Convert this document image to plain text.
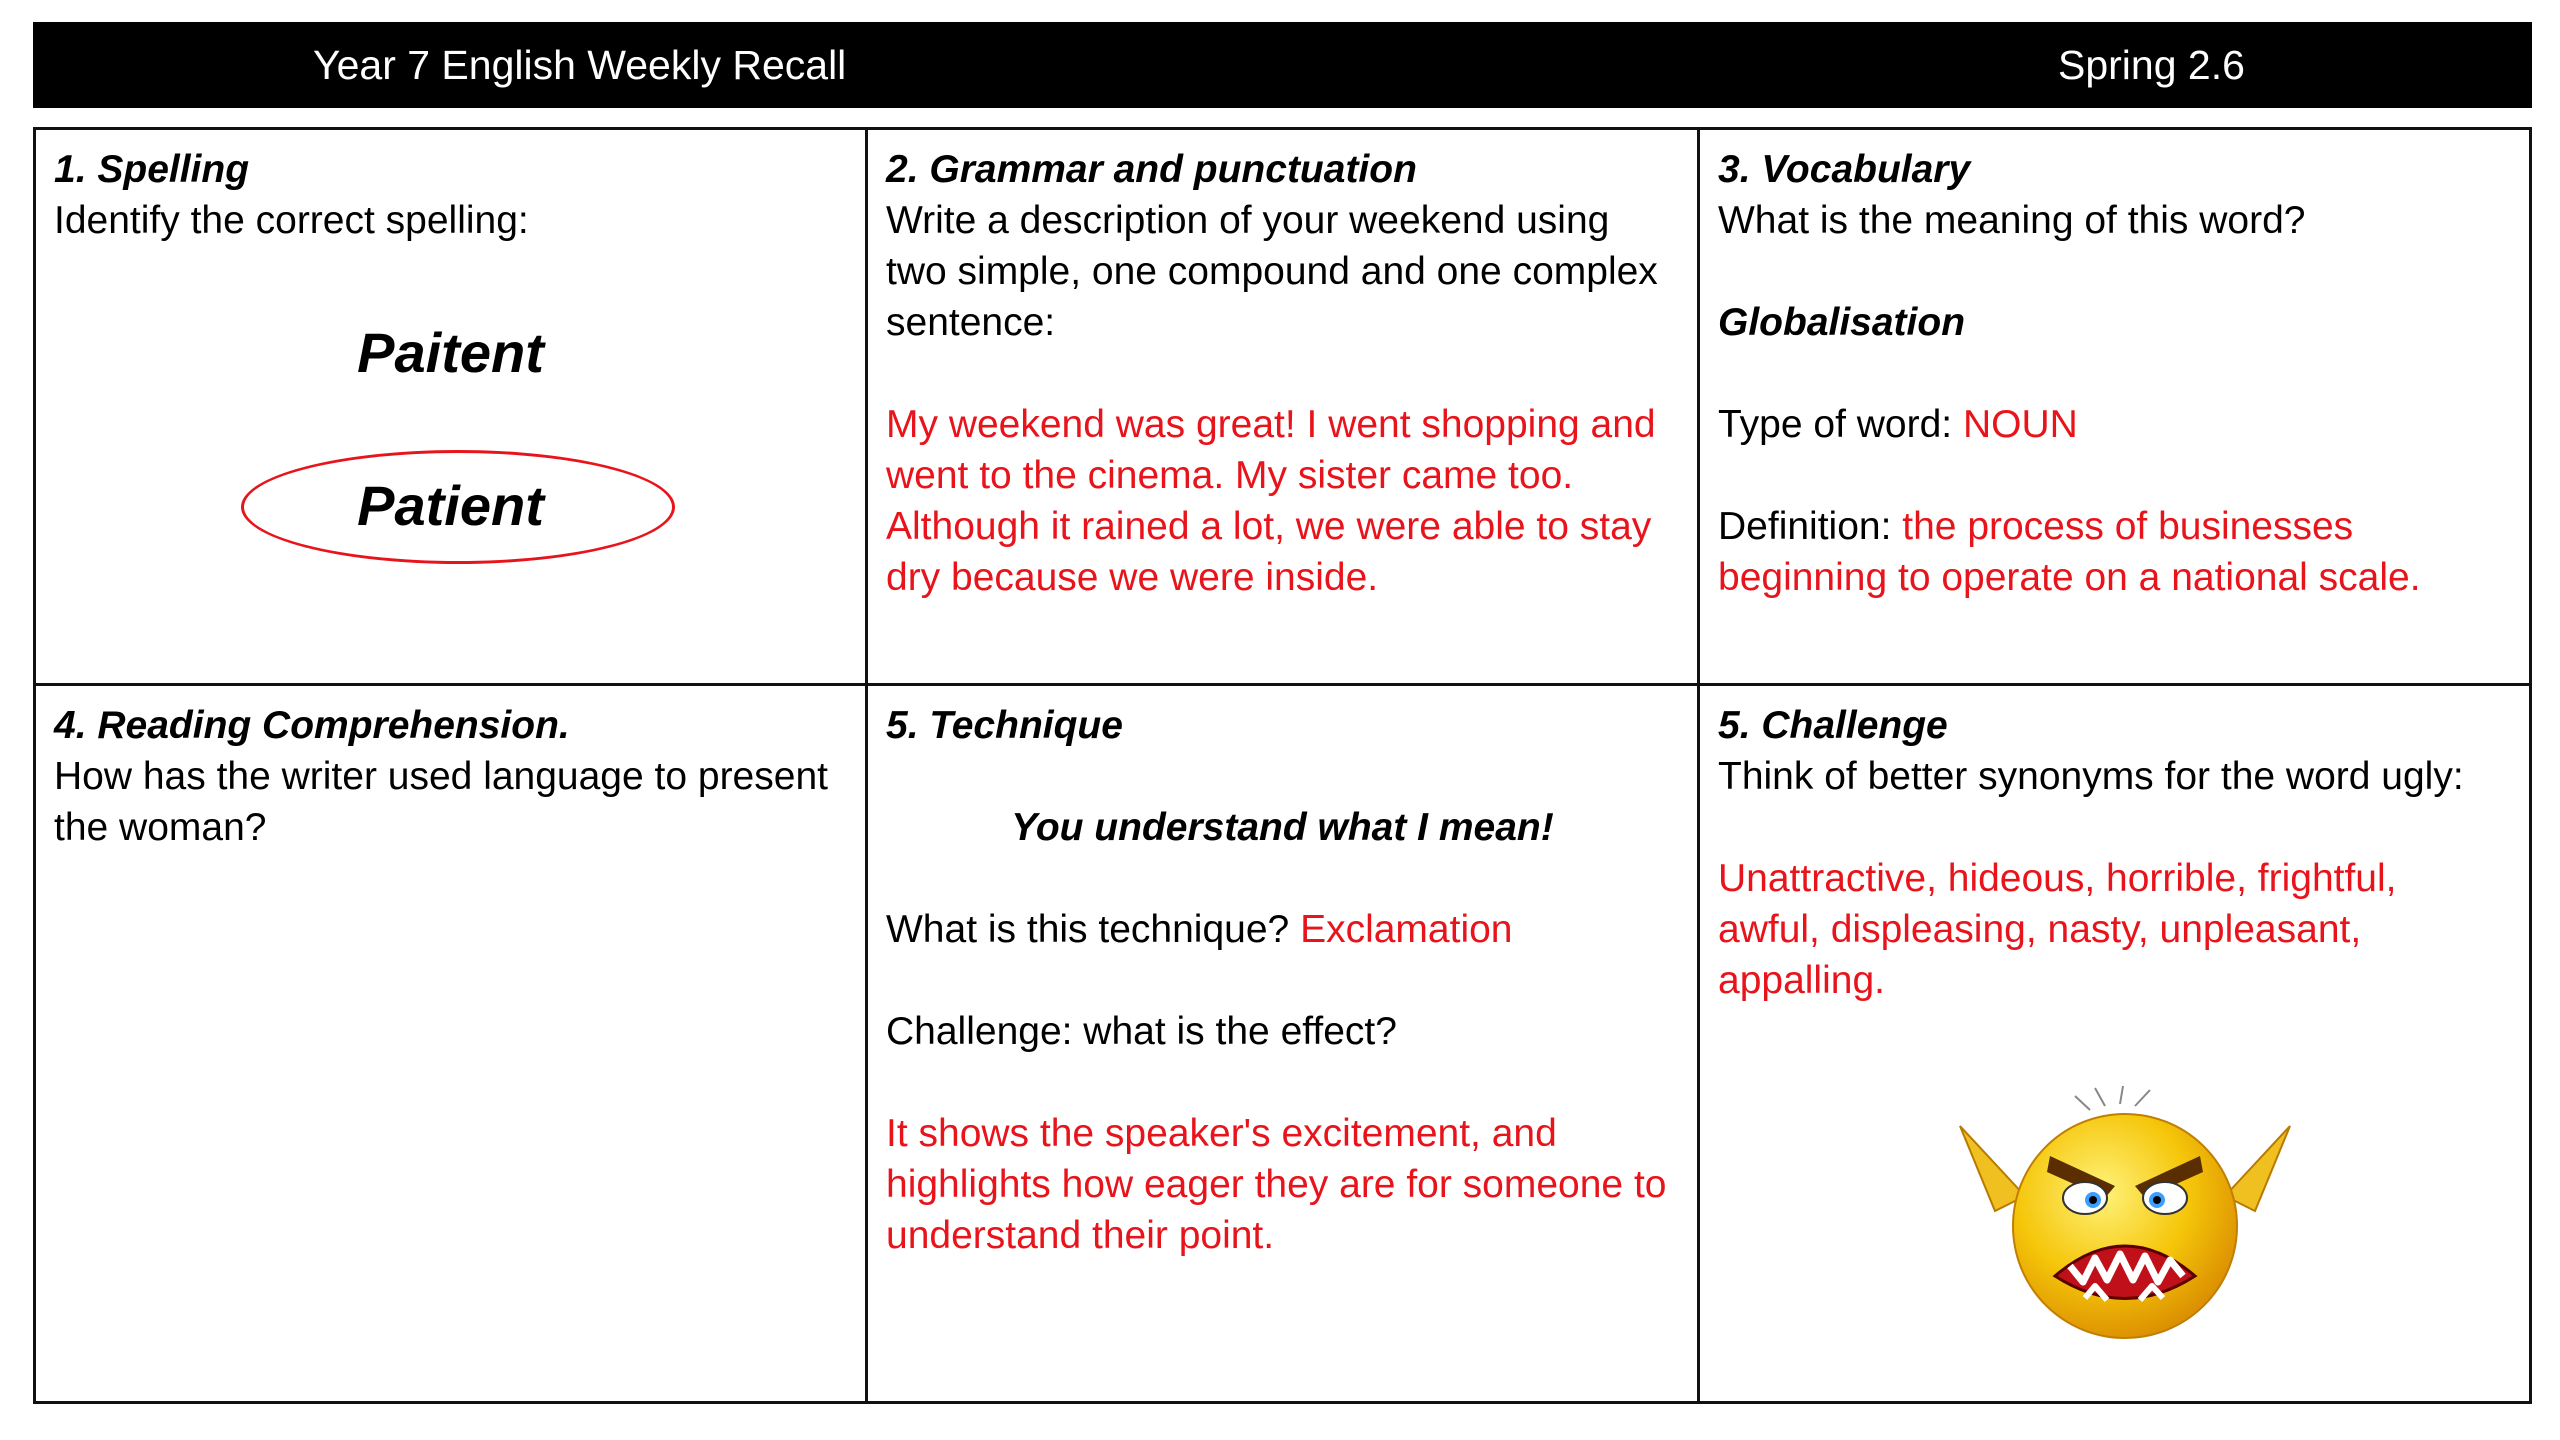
Year 7 English Weekly Recall	Spring 2.6

1. Spelling

Identify the correct spelling:

Paitent
Patient

2. Grammar and punctuation

Write a description of your weekend using two simple, one compound and one complex sentence:

My weekend was great! I went shopping and went to the cinema. My sister came too. Although it rained a lot, we were able to stay dry because we were inside.

3. Vocabulary

What is the meaning of this word?

Globalisation

Type of word: NOUN

Definition: the process of businesses beginning to operate on a national scale.

4. Reading Comprehension.

How has the writer used language to present the woman?

5. Technique

You understand what I mean!

What is this technique? Exclamation

Challenge: what is the effect?

It shows the speaker's excitement, and highlights how eager they are for someone to understand their point.

5. Challenge

Think of better synonyms for the word ugly:

Unattractive, hideous, horrible, frightful, awful, displeasing, nasty, unpleasant, appalling.
